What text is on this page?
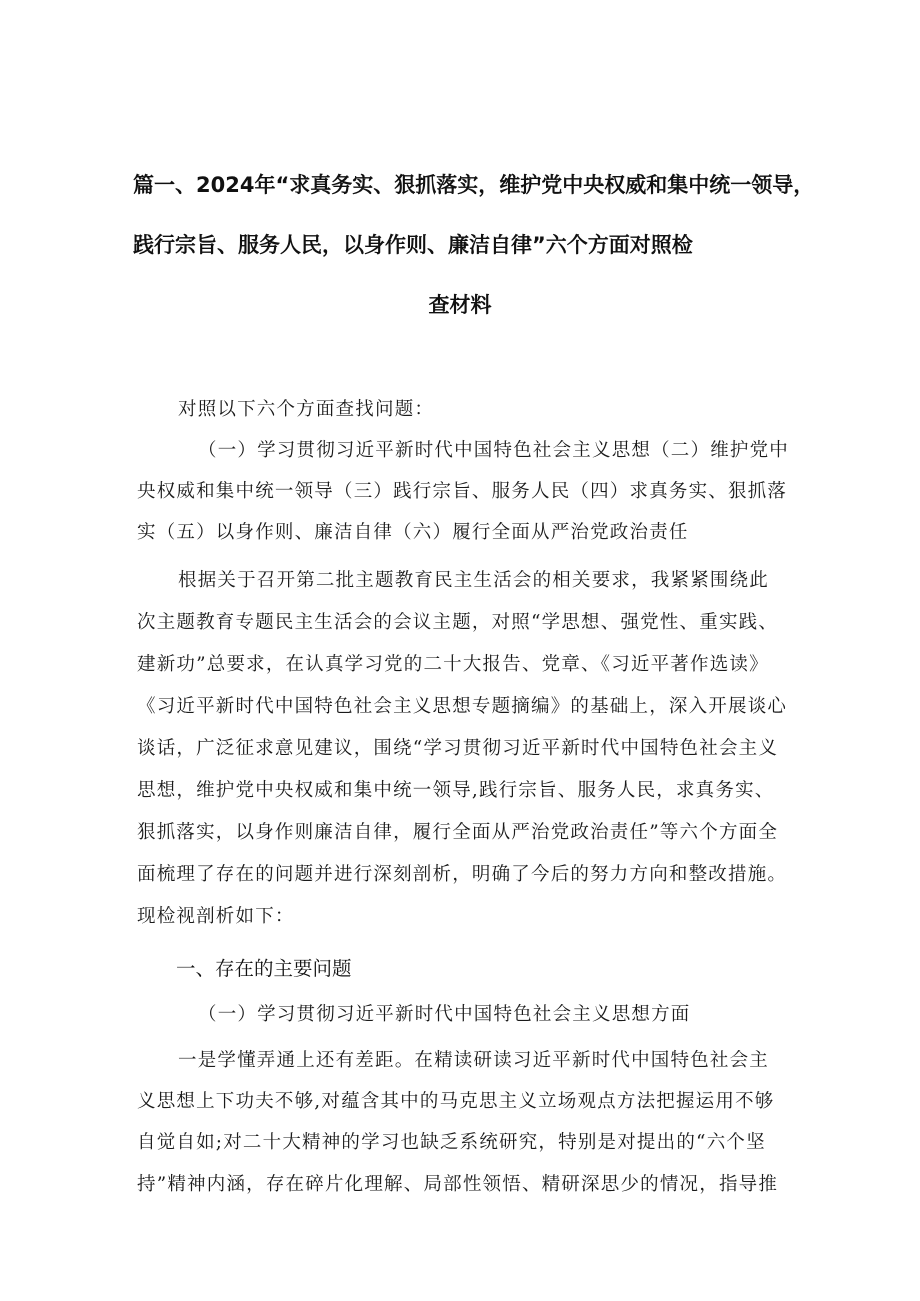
篇一、2024年“求真务实、狠抓落实，维护党中央权威和集中统一领导，
践行宗旨、服务人民，以身作则、廉洁自律”六个方面对照检
查材料
对照以下六个方面查找问题：
（一）学习贯彻习近平新时代中国特色社会主义思想（二）维护党中
央权威和集中统一领导（三）践行宗旨、服务人民（四）求真务实、狠抓落
实（五）以身作则、廉洁自律（六）履行全面从严治党政治责任
根据关于召开第二批主题教育民主生活会的相关要求，我紧紧围绕此
次主题教育专题民主生活会的会议主题，对照“学思想、强党性、重实践、
建新功”总要求，在认真学习党的二十大报告、党章、《习近平著作选读》
《习近平新时代中国特色社会主义思想专题摘编》的基础上，深入开展谈心
谈话，广泛征求意见建议，围绕“学习贯彻习近平新时代中国特色社会主义
思想，维护党中央权威和集中统一领导,践行宗旨、服务人民，求真务实、
狠抓落实，以身作则廉洁自律，履行全面从严治党政治责任”等六个方面全
面梳理了存在的问题并进行深刻剖析，明确了今后的努力方向和整改措施。
现检视剖析如下：
一、存在的主要问题
（一）学习贯彻习近平新时代中国特色社会主义思想方面
一是学懂弄通上还有差距。在精读研读习近平新时代中国特色社会主
义思想上下功夫不够,对蕴含其中的马克思主义立场观点方法把握运用不够
自觉自如;对二十大精神的学习也缺乏系统研究，特别是对提出的“六个坚
持”精神内涵，存在碎片化理解、局部性领悟、精研深思少的情况，指导推
